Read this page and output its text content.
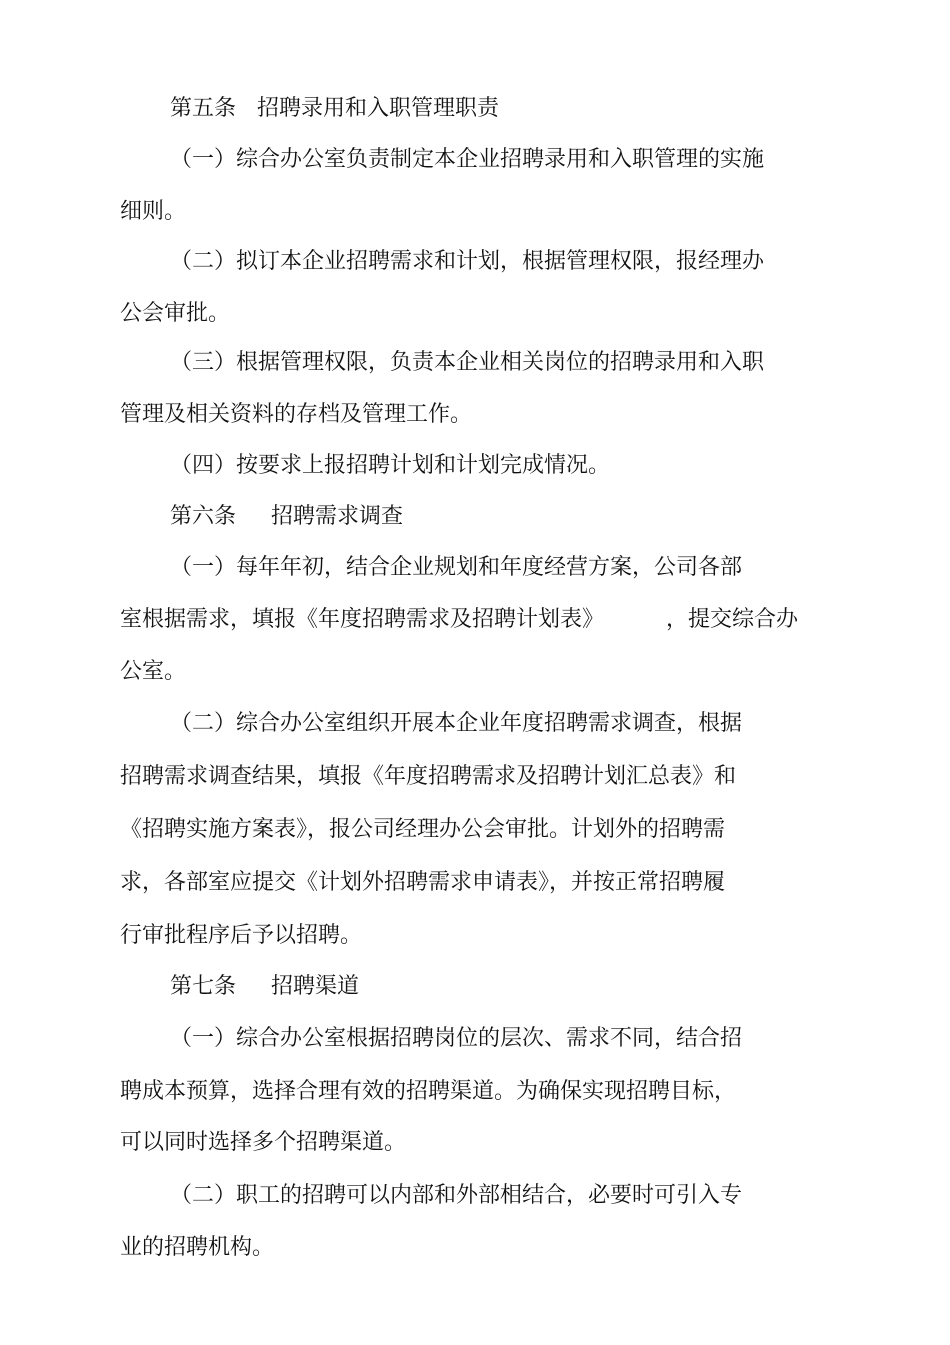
第五条   招聘录用和入职管理职责

（一）综合办公室负责制定本企业招聘录用和入职管理的实施

细则。

（二）拟订本企业招聘需求和计划，根据管理权限，报经理办

公会审批。

（三）根据管理权限，负责本企业相关岗位的招聘录用和入职

管理及相关资料的存档及管理工作。

（四）按要求上报招聘计划和计划完成情况。

第六条     招聘需求调查

（一）每年年初，结合企业规划和年度经营方案，公司各部

室根据需求，填报《年度招聘需求及招聘计划表》	，提交综合办

公室。

（二）综合办公室组织开展本企业年度招聘需求调查，根据

招聘需求调查结果，填报《年度招聘需求及招聘计划汇总表》和

《招聘实施方案表》，报公司经理办公会审批。计划外的招聘需

求，各部室应提交《计划外招聘需求申请表》，并按正常招聘履

行审批程序后予以招聘。

第七条     招聘渠道

（一）综合办公室根据招聘岗位的层次、需求不同，结合招

聘成本预算，选择合理有效的招聘渠道。为确保实现招聘目标，

可以同时选择多个招聘渠道。

（二）职工的招聘可以内部和外部相结合，必要时可引入专

业的招聘机构。
